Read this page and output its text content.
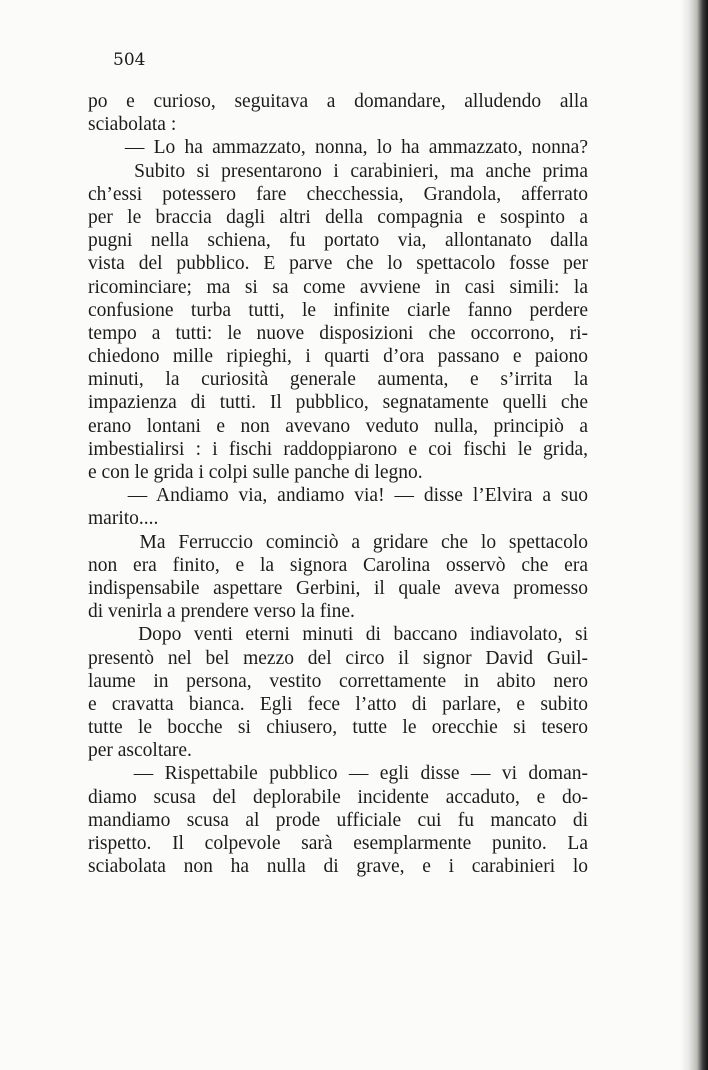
504
po e curioso, seguitava a domandare, alludendo alla
sciabolata :
— Lo ha ammazzato, nonna, lo ha ammazzato, nonna?
Subito si presentarono i carabinieri, ma anche prima
ch’essi potessero fare checchessia, Grandola, afferrato
per le braccia dagli altri della compagnia e sospinto a
pugni nella schiena, fu portato via, allontanato dalla
vista del pubblico. E parve che lo spettacolo fosse per
ricominciare; ma si sa come avviene in casi simili: la
confusione turba tutti, le infinite ciarle fanno perdere
tempo a tutti: le nuove disposizioni che occorrono, ri-
chiedono mille ripieghi, i quarti d’ora passano e paiono
minuti, la curiosità generale aumenta, e s’irrita la
impazienza di tutti. Il pubblico, segnatamente quelli che
erano lontani e non avevano veduto nulla, principiò a
imbestialirsi : i fischi raddoppiarono e coi fischi le grida,
e con le grida i colpi sulle panche di legno.
— Andiamo via, andiamo via! — disse l’Elvira a suo
marito....
Ma Ferruccio cominciò a gridare che lo spettacolo
non era finito, e la signora Carolina osservò che era
indispensabile aspettare Gerbini, il quale aveva promesso
di venirla a prendere verso la fine.
Dopo venti eterni minuti di baccano indiavolato, si
presentò nel bel mezzo del circo il signor David Guil-
laume in persona, vestito correttamente in abito nero
e cravatta bianca. Egli fece l’atto di parlare, e subito
tutte le bocche si chiusero, tutte le orecchie si tesero
per ascoltare.
— Rispettabile pubblico — egli disse — vi doman-
diamo scusa del deplorabile incidente accaduto, e do-
mandiamo scusa al prode ufficiale cui fu mancato di
rispetto. Il colpevole sarà esemplarmente punito. La
sciabolata non ha nulla di grave, e i carabinieri lo
